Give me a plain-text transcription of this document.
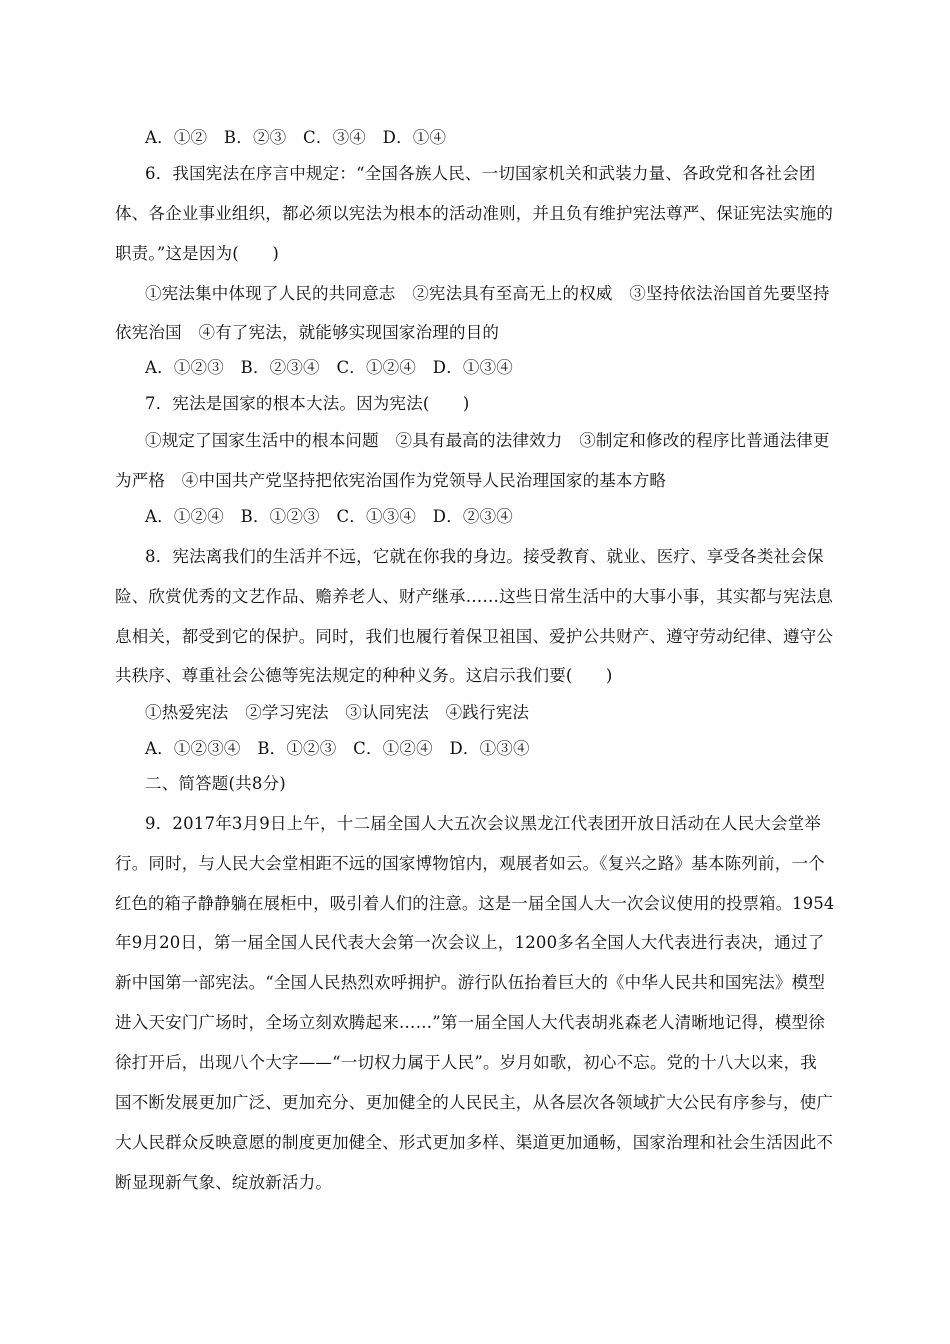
A．①②　B．②③　C．③④　D．①④
6．我国宪法在序言中规定：“全国各族人民、一切国家机关和武装力量、各政党和各社会团
体、各企业事业组织，都必须以宪法为根本的活动准则，并且负有维护宪法尊严、保证宪法实施的
职责。”这是因为(　　)
①宪法集中体现了人民的共同意志　②宪法具有至高无上的权威　③坚持依法治国首先要坚持
依宪治国　④有了宪法，就能够实现国家治理的目的
A．①②③　B．②③④　C．①②④　D．①③④
7．宪法是国家的根本大法。因为宪法(　　)
①规定了国家生活中的根本问题　②具有最高的法律效力　③制定和修改的程序比普通法律更
为严格　④中国共产党坚持把依宪治国作为党领导人民治理国家的基本方略
A．①②④　B．①②③　C．①③④　D．②③④
8．宪法离我们的生活并不远，它就在你我的身边。接受教育、就业、医疗、享受各类社会保
险、欣赏优秀的文艺作品、赡养老人、财产继承……这些日常生活中的大事小事，其实都与宪法息
息相关，都受到它的保护。同时，我们也履行着保卫祖国、爱护公共财产、遵守劳动纪律、遵守公
共秩序、尊重社会公德等宪法规定的种种义务。这启示我们要(　　)
①热爱宪法　②学习宪法　③认同宪法　④践行宪法
A．①②③④　B．①②③　C．①②④　D．①③④
二、简答题(共8分)
9．2017年3月9日上午，十二届全国人大五次会议黑龙江代表团开放日活动在人民大会堂举
行。同时，与人民大会堂相距不远的国家博物馆内，观展者如云。《复兴之路》基本陈列前，一个
红色的箱子静静躺在展柜中，吸引着人们的注意。这是一届全国人大一次会议使用的投票箱。1954
年9月20日，第一届全国人民代表大会第一次会议上，1200多名全国人大代表进行表决，通过了
新中国第一部宪法。“全国人民热烈欢呼拥护。游行队伍抬着巨大的《中华人民共和国宪法》模型
进入天安门广场时，全场立刻欢腾起来……”第一届全国人大代表胡兆森老人清晰地记得，模型徐
徐打开后，出现八个大字——“一切权力属于人民”。岁月如歌，初心不忘。党的十八大以来，我
国不断发展更加广泛、更加充分、更加健全的人民民主，从各层次各领域扩大公民有序参与，使广
大人民群众反映意愿的制度更加健全、形式更加多样、渠道更加通畅，国家治理和社会生活因此不
断显现新气象、绽放新活力。
